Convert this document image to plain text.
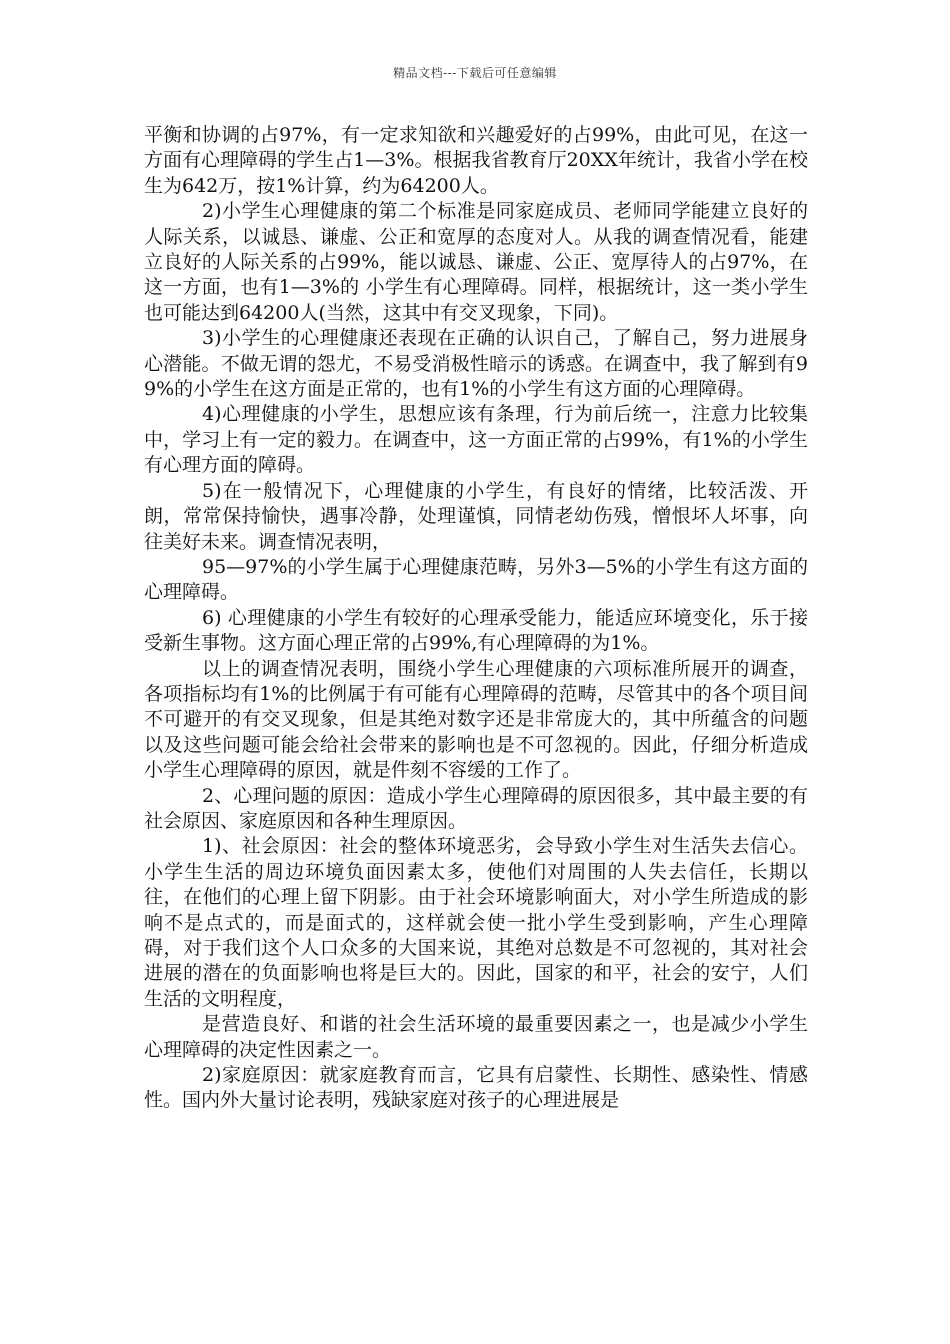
精品文档---下载后可任意编辑

平衡和协调的占97%，有一定求知欲和兴趣爱好的占99%，由此可见，在这一方面有心理障碍的学生占1—3%。根据我省教育厅20XX年统计，我省小学在校生为642万，按1%计算，约为64200人。

2)小学生心理健康的第二个标准是同家庭成员、老师同学能建立良好的人际关系，以诚恳、谦虚、公正和宽厚的态度对人。从我的调查情况看，能建立良好的人际关系的占99%，能以诚恳、谦虚、公正、宽厚待人的占97%，在这一方面，也有1—3%的 小学生有心理障碍。同样，根据统计，这一类小学生也可能达到64200人(当然，这其中有交叉现象，下同)。

3)小学生的心理健康还表现在正确的认识自己，了解自己，努力进展身心潜能。不做无谓的怨尤，不易受消极性暗示的诱惑。在调查中，我了解到有99%的小学生在这方面是正常的，也有1%的小学生有这方面的心理障碍。

4)心理健康的小学生，思想应该有条理，行为前后统一，注意力比较集中，学习上有一定的毅力。在调查中，这一方面正常的占99%，有1%的小学生有心理方面的障碍。

5)在一般情况下，心理健康的小学生，有良好的情绪，比较活泼、开朗，常常保持愉快，遇事冷静，处理谨慎，同情老幼伤残，憎恨坏人坏事，向往美好未来。调查情况表明，

95—97%的小学生属于心理健康范畴，另外3—5%的小学生有这方面的心理障碍。

6) 心理健康的小学生有较好的心理承受能力，能适应环境变化，乐于接受新生事物。这方面心理正常的占99%,有心理障碍的为1%。

以上的调查情况表明，围绕小学生心理健康的六项标准所展开的调查，各项指标均有1%的比例属于有可能有心理障碍的范畴，尽管其中的各个项目间不可避开的有交叉现象，但是其绝对数字还是非常庞大的，其中所蕴含的问题以及这些问题可能会给社会带来的影响也是不可忽视的。因此，仔细分析造成小学生心理障碍的原因，就是件刻不容缓的工作了。

2、心理问题的原因：造成小学生心理障碍的原因很多，其中最主要的有社会原因、家庭原因和各种生理原因。

1)、社会原因：社会的整体环境恶劣，会导致小学生对生活失去信心。小学生生活的周边环境负面因素太多，使他们对周围的人失去信任，长期以往，在他们的心理上留下阴影。由于社会环境影响面大，对小学生所造成的影响不是点式的，而是面式的，这样就会使一批小学生受到影响，产生心理障碍，对于我们这个人口众多的大国来说，其绝对总数是不可忽视的，其对社会进展的潜在的负面影响也将是巨大的。因此，国家的和平，社会的安宁，人们生活的文明程度，

是营造良好、和谐的社会生活环境的最重要因素之一，也是减少小学生心理障碍的决定性因素之一。

2)家庭原因：就家庭教育而言，它具有启蒙性、长期性、感染性、情感性。国内外大量讨论表明，残缺家庭对孩子的心理进展是
